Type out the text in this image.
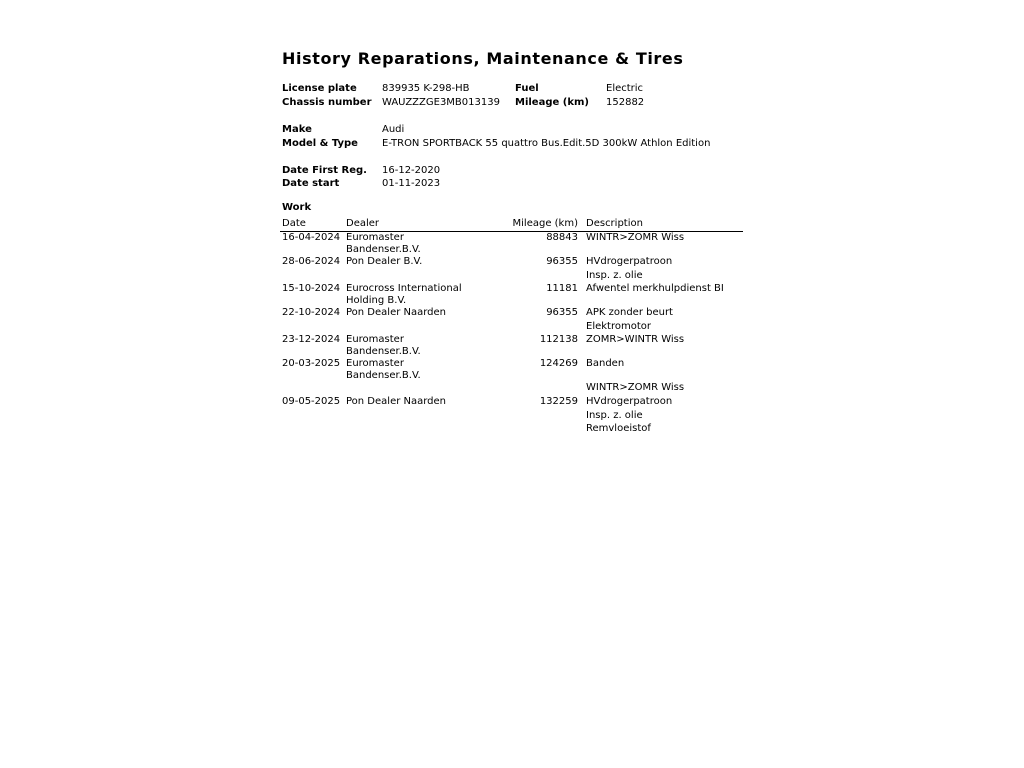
History Reparations, Maintenance & Tires
License plate	839935 K-298-HB	Fuel	Electric
Chassis number WAUZZZGE3MB013139 Mileage (km) 152882
Make	Audi
Model & Type E-TRON SPORTBACK 55 quattro Bus.Edit.5D 300kW Athlon Edition
Date First Reg. 16-12-2020
Date start	01-11-2023
Work
Date	Dealer	Mileage (km)	Description
16-04-2024	Euromaster Bandenser.B.V.	88843	WINTR>ZOMR Wiss
28-06-2024	Pon Dealer B.V.	96355	HVdrogerpatroon
			Insp. z. olie
15-10-2024	Eurocross International Holding B.V.	11181	Afwentel merkhulpdienst BI
22-10-2024	Pon Dealer Naarden	96355	APK zonder beurt
			Elektromotor
23-12-2024	Euromaster Bandenser.B.V.	112138	ZOMR>WINTR Wiss
20-03-2025	Euromaster Bandenser.B.V.	124269	Banden
			WINTR>ZOMR Wiss
09-05-2025	Pon Dealer Naarden	132259	HVdrogerpatroon
			Insp. z. olie
			Remvloeistof
